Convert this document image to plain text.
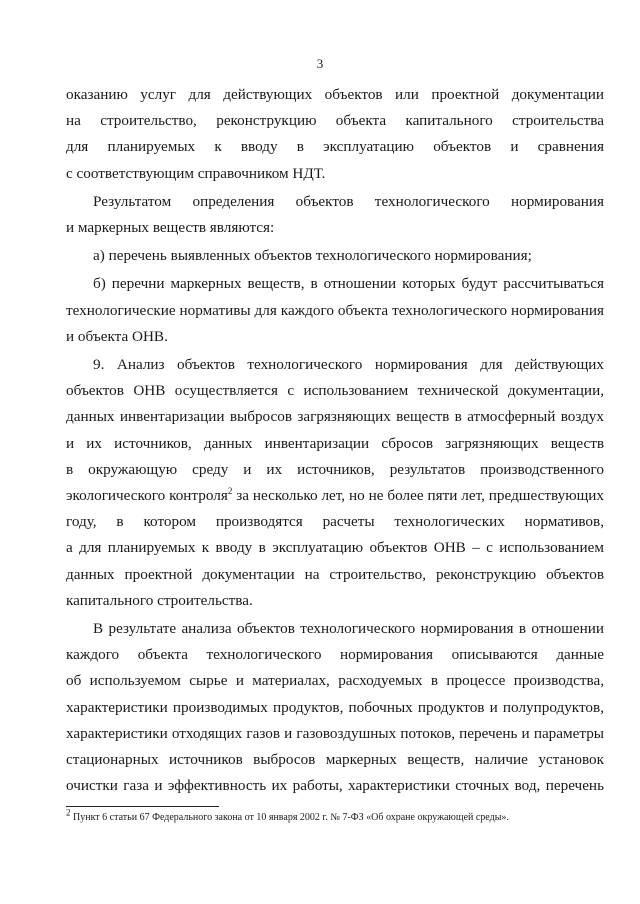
3

оказанию услуг для действующих объектов или проектной документации
на строительство, реконструкцию объекта капитального строительства
для планируемых к вводу в эксплуатацию объектов и сравнения
с соответствующим справочником НДТ.

Результатом определения объектов технологического нормирования
и маркерных веществ являются:

а) перечень выявленных объектов технологического нормирования;

б) перечни маркерных веществ, в отношении которых будут рассчитываться
технологические нормативы для каждого объекта технологического нормирования
и объекта ОНВ.

9. Анализ объектов технологического нормирования для действующих
объектов ОНВ осуществляется с использованием технической документации,
данных инвентаризации выбросов загрязняющих веществ в атмосферный воздух
и их источников, данных инвентаризации сбросов загрязняющих веществ
в окружающую среду и их источников, результатов производственного
экологического контроля$^2$ за несколько лет, но не более пяти лет, предшествующих
году, в котором производятся расчеты технологических нормативов,
а для планируемых к вводу в эксплуатацию объектов ОНВ – с использованием
данных проектной документации на строительство, реконструкцию объектов
капитального строительства.

В результате анализа объектов технологического нормирования в отношении
каждого объекта технологического нормирования описываются данные
об используемом сырье и материалах, расходуемых в процессе производства,
характеристики производимых продуктов, побочных продуктов и полупродуктов,
характеристики отходящих газов и газовоздушных потоков, перечень и параметры
стационарных источников выбросов маркерных веществ, наличие установок
очистки газа и эффективность их работы, характеристики сточных вод, перечень

$^2$ Пункт 6 статьи 67 Федерального закона от 10 января 2002 г. № 7-ФЗ «Об охране окружающей среды».
